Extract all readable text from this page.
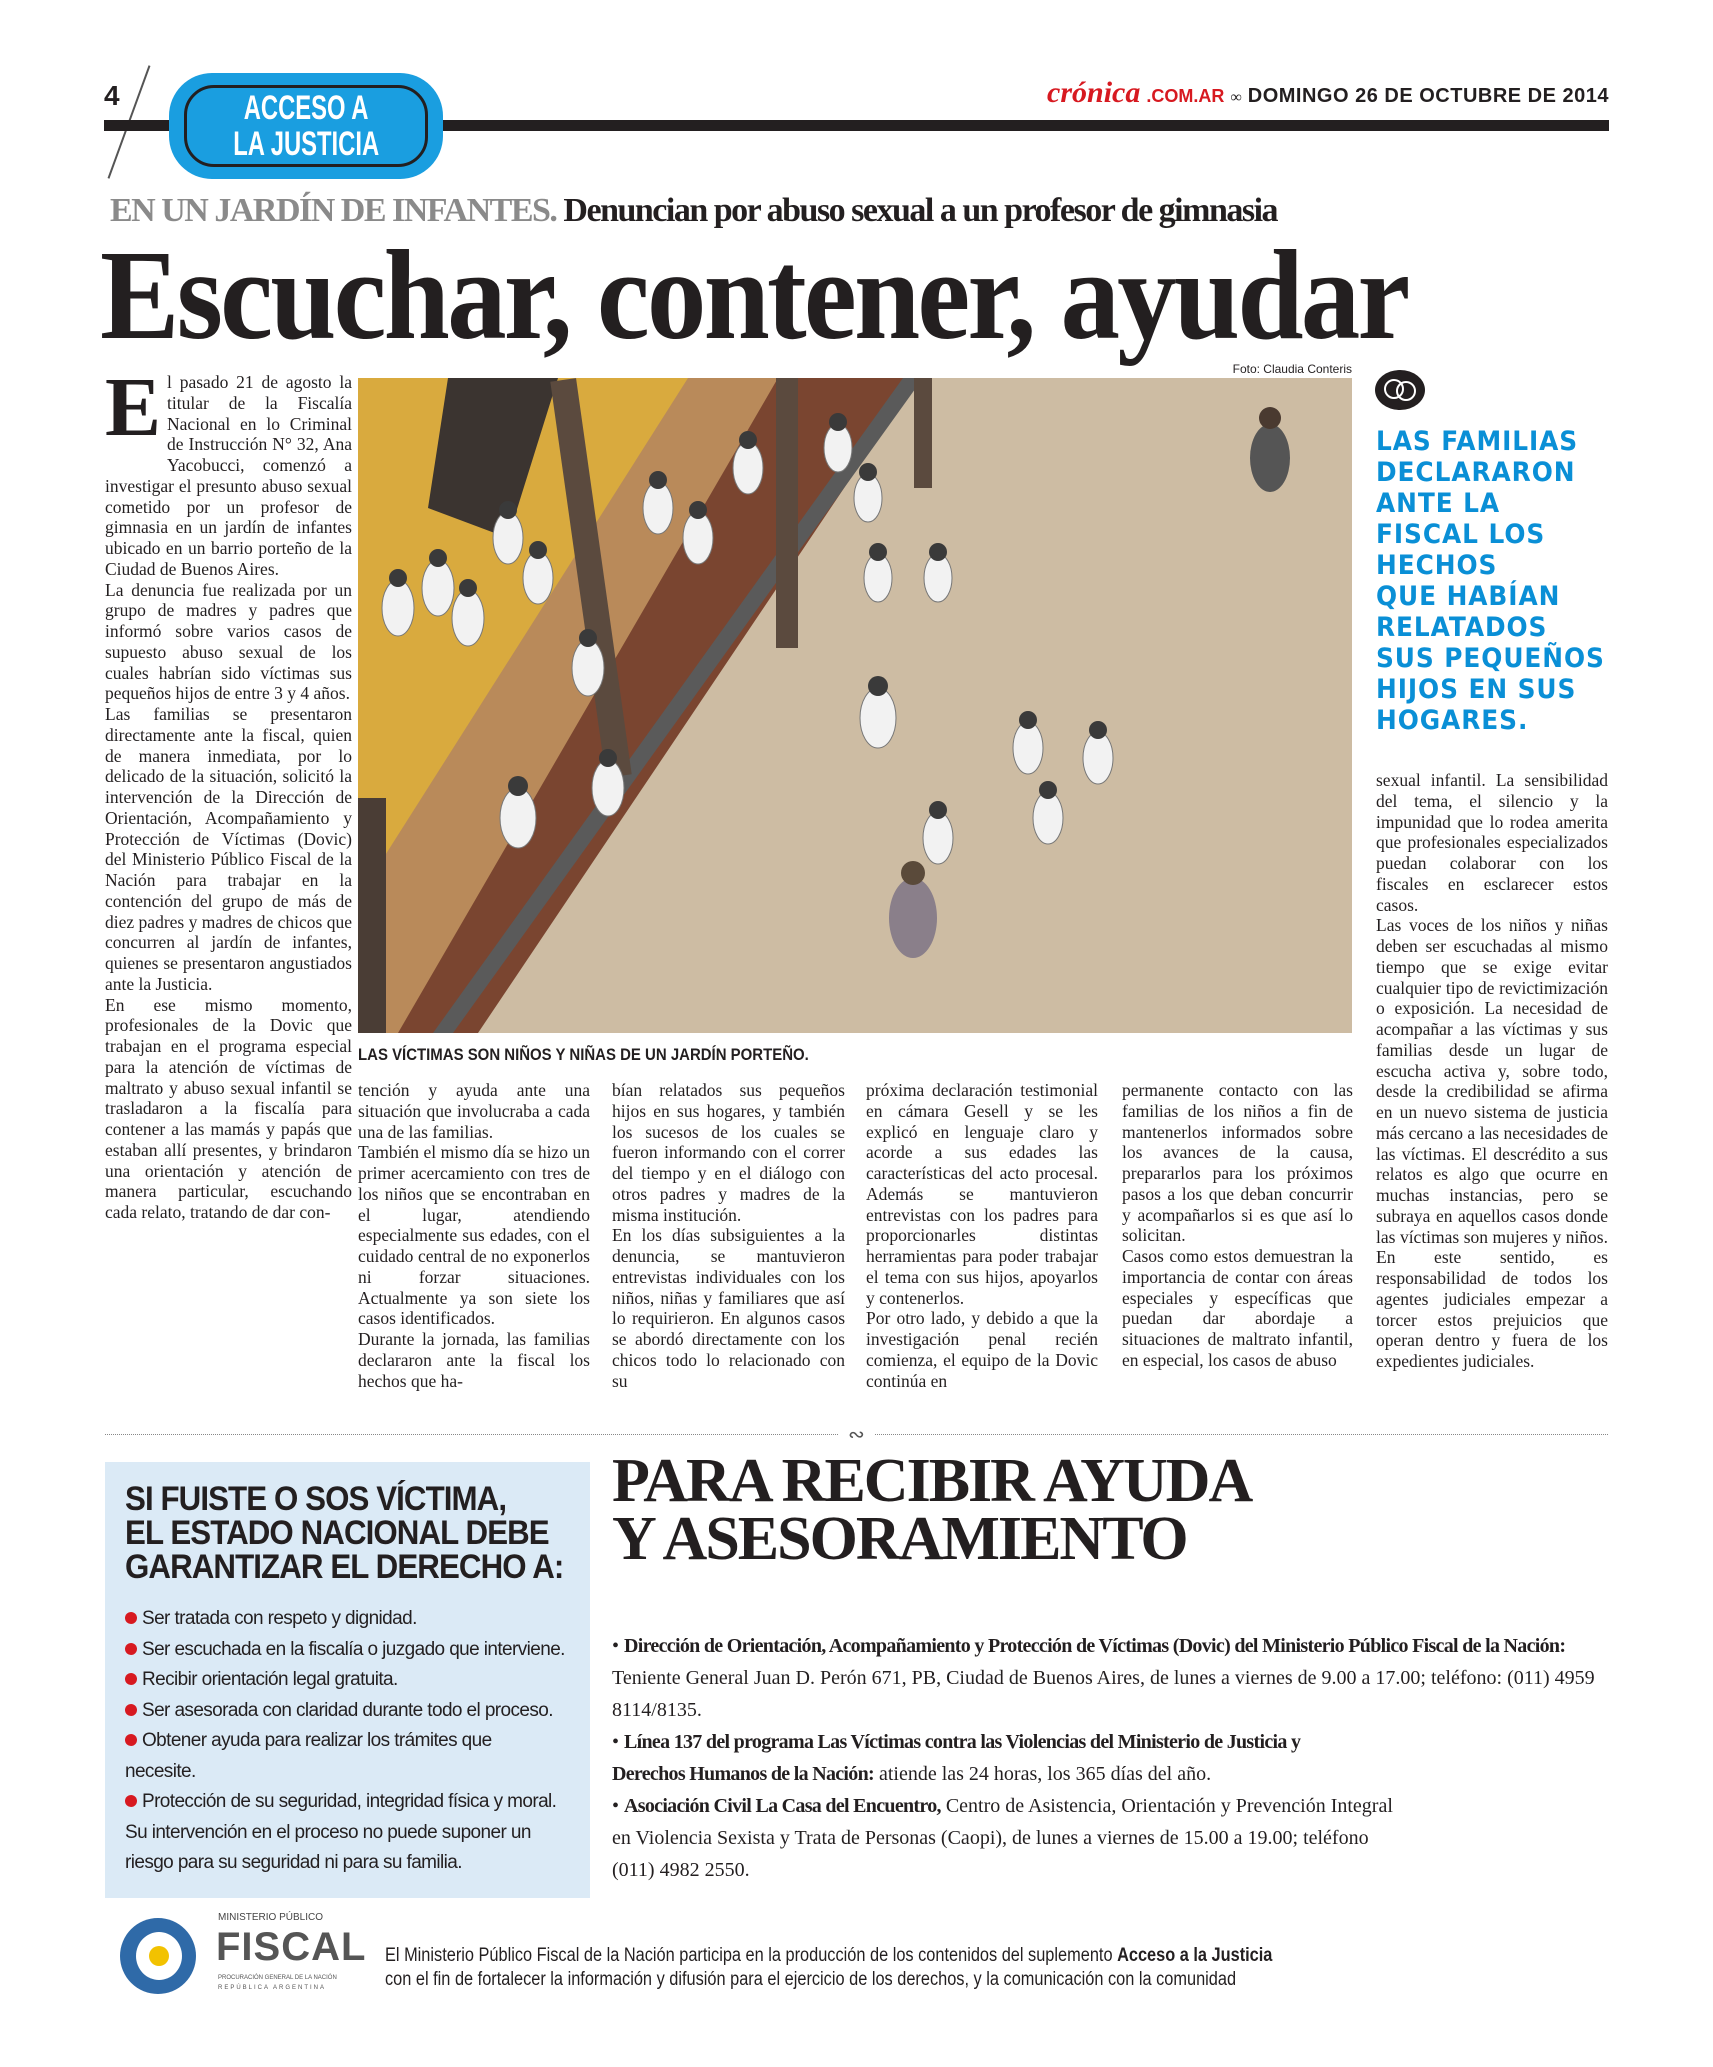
4	ACCESO A
LA JUSTICIA
crónica .COM.AR ∞ DOMINGO 26 DE OCTUBRE DE 2014
EN UN JARDÍN DE INFANTES. Denuncian por abuso sexual a un profesor de gimnasia
Escuchar, contener, ayudar

El pasado 21 de agosto la titular de la Fiscalía Nacional en lo Criminal de Instrucción N° 32, Ana Yacobucci, comenzó a investigar el presunto abuso sexual cometido por un profesor de gimnasia en un jardín de infantes ubicado en un barrio porteño de la Ciudad de Buenos Aires.

La denuncia fue realizada por un grupo de madres y padres que informó sobre varios casos de supuesto abuso sexual de los cuales habrían sido víctimas sus pequeños hijos de entre 3 y 4 años.

Las familias se presentaron directamente ante la fiscal, quien de manera inmediata, por lo delicado de la situación, solicitó la intervención de la Dirección de Orientación, Acompañamiento y Protección de Víctimas (Dovic) del Ministerio Público Fiscal de la Nación para trabajar en la contención del grupo de más de diez padres y madres de chicos que concurren al jardín de infantes, quienes se presentaron angustiados ante la Justicia.

En ese mismo momento, profesionales de la Dovic que trabajan en el programa especial para la atención de víctimas de maltrato y abuso sexual infantil se trasladaron a la fiscalía para contener a las mamás y papás que estaban allí presentes, y brindaron una orientación y atención de manera particular, escuchando cada relato, tratando de dar con-

Foto: Claudia Conteris
LAS VÍCTIMAS SON NIÑOS Y NIÑAS DE UN JARDÍN PORTEÑO.

tención y ayuda ante una situación que involucraba a cada una de las familias.

También el mismo día se hizo un primer acercamiento con tres de los niños que se encontraban en el lugar, atendiendo especialmente sus edades, con el cuidado central de no exponerlos ni forzar situaciones. Actualmente ya son siete los casos identificados.

Durante la jornada, las familias declararon ante la fiscal los hechos que ha-

bían relatados sus pequeños hijos en sus hogares, y también los sucesos de los cuales se fueron informando con el correr del tiempo y en el diálogo con otros padres y madres de la misma institución.

En los días subsiguientes a la denuncia, se mantuvieron entrevistas individuales con los niños, niñas y familiares que así lo requirieron. En algunos casos se abordó directamente con los chicos todo lo relacionado con su

próxima declaración testimonial en cámara Gesell y se les explicó en lenguaje claro y acorde a sus edades las características del acto procesal. Además se mantuvieron entrevistas con los padres para proporcionarles distintas herramientas para poder trabajar el tema con sus hijos, apoyarlos y contenerlos.

Por otro lado, y debido a que la investigación penal recién comienza, el equipo de la Dovic continúa en

permanente contacto con las familias de los niños a fin de mantenerlos informados sobre los avances de la causa, prepararlos para los próximos pasos a los que deban concurrir y acompañarlos si es que así lo solicitan.

Casos como estos demuestran la importancia de contar con áreas especiales y específicas que puedan dar abordaje a situaciones de maltrato infantil, en especial, los casos de abuso

LAS FAMILIAS
DECLARARON
ANTE LA
FISCAL LOS
HECHOS
QUE HABÍAN
RELATADOS
SUS PEQUEÑOS
HIJOS EN SUS
HOGARES.

sexual infantil. La sensibilidad del tema, el silencio y la impunidad que lo rodea amerita que profesionales especializados puedan colaborar con los fiscales en esclarecer estos casos.

Las voces de los niños y niñas deben ser escuchadas al mismo tiempo que se exige evitar cualquier tipo de revictimización o exposición. La necesidad de acompañar a las víctimas y sus familias desde un lugar de escucha activa y, sobre todo, desde la credibilidad se afirma en un nuevo sistema de justicia más cercano a las necesidades de las víctimas. El descrédito a sus relatos es algo que ocurre en muchas instancias, pero se subraya en aquellos casos donde las víctimas son mujeres y niños. En este sentido, es responsabilidad de todos los agentes judiciales empezar a torcer estos prejuicios que operan dentro y fuera de los expedientes judiciales.

∾
SI FUISTE O SOS VÍCTIMA,
EL ESTADO NACIONAL DEBE
GARANTIZAR EL DERECHO A:
Ser tratada con respeto y dignidad.
Ser escuchada en la fiscalía o juzgado que interviene.
Recibir orientación legal gratuita.
Ser asesorada con claridad durante todo el proceso.
Obtener ayuda para realizar los trámites que necesite.
Protección de su seguridad, integridad física y moral.
Su intervención en el proceso no puede suponer un riesgo para su seguridad ni para su familia.
PARA RECIBIR AYUDA
Y ASESORAMIENTO
• Dirección de Orientación, Acompañamiento y Protección de Víctimas (Dovic) del Ministerio Público Fiscal de la Nación: Teniente General Juan D. Perón 671, PB, Ciudad de Buenos Aires, de lunes a viernes de 9.00 a 17.00; teléfono: (011) 4959 8114/8135.
• Línea 137 del programa Las Víctimas contra las Violencias del Ministerio de Justicia y Derechos Humanos de la Nación: atiende las 24 horas, los 365 días del año.
• Asociación Civil La Casa del Encuentro, Centro de Asistencia, Orientación y Prevención Integral en Violencia Sexista y Trata de Personas (Caopi), de lunes a viernes de 15.00 a 19.00; teléfono (011) 4982 2550.
MINISTERIO PÚBLICO
FISCAL
PROCURACIÓN GENERAL DE LA NACIÓN
REPÚBLICA ARGENTINA
El Ministerio Público Fiscal de la Nación participa en la producción de los contenidos del suplemento Acceso a la Justicia
con el fin de fortalecer la información y difusión para el ejercicio de los derechos, y la comunicación con la comunidad
